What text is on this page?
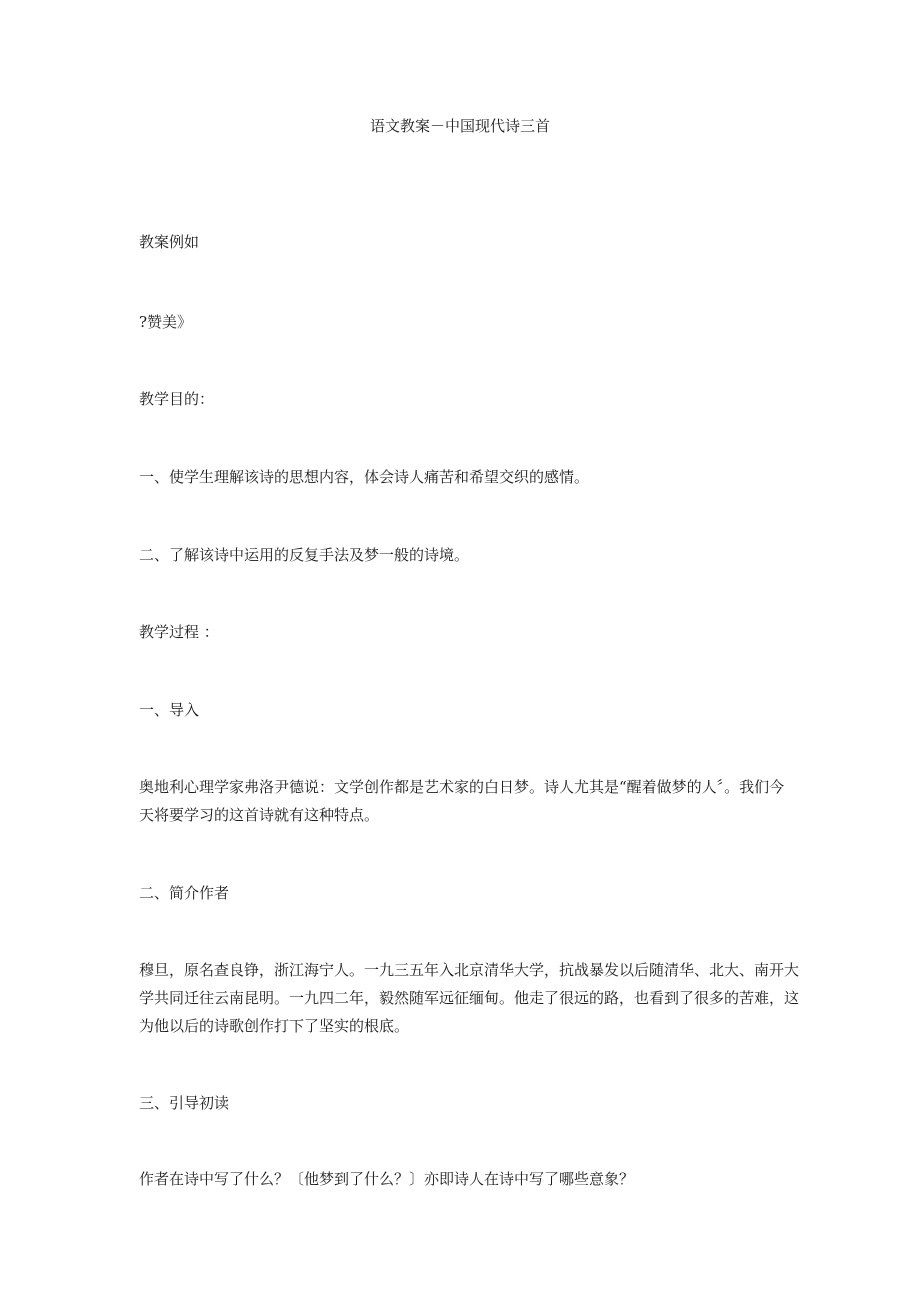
语文教案－中国现代诗三首

教案例如

?赞美》

教学目的：

一、使学生理解该诗的思想内容，体会诗人痛苦和希望交织的感情。

二、了解该诗中运用的反复手法及梦一般的诗境。

教学过程 ：

一、导入

奥地利心理学家弗洛尹德说：文学创作都是艺术家的白日梦。诗人尤其是“醒着做梦的人〞。我们今天将要学习的这首诗就有这种特点。

二、简介作者

穆旦，原名查良铮，浙江海宁人。一九三五年入北京清华大学，抗战暴发以后随清华、北大、南开大学共同迁往云南昆明。一九四二年，毅然随军远征缅甸。他走了很远的路，也看到了很多的苦难，这为他以后的诗歌创作打下了坚实的根底。

三、引导初读

作者在诗中写了什么？〔他梦到了什么？〕亦即诗人在诗中写了哪些意象？
